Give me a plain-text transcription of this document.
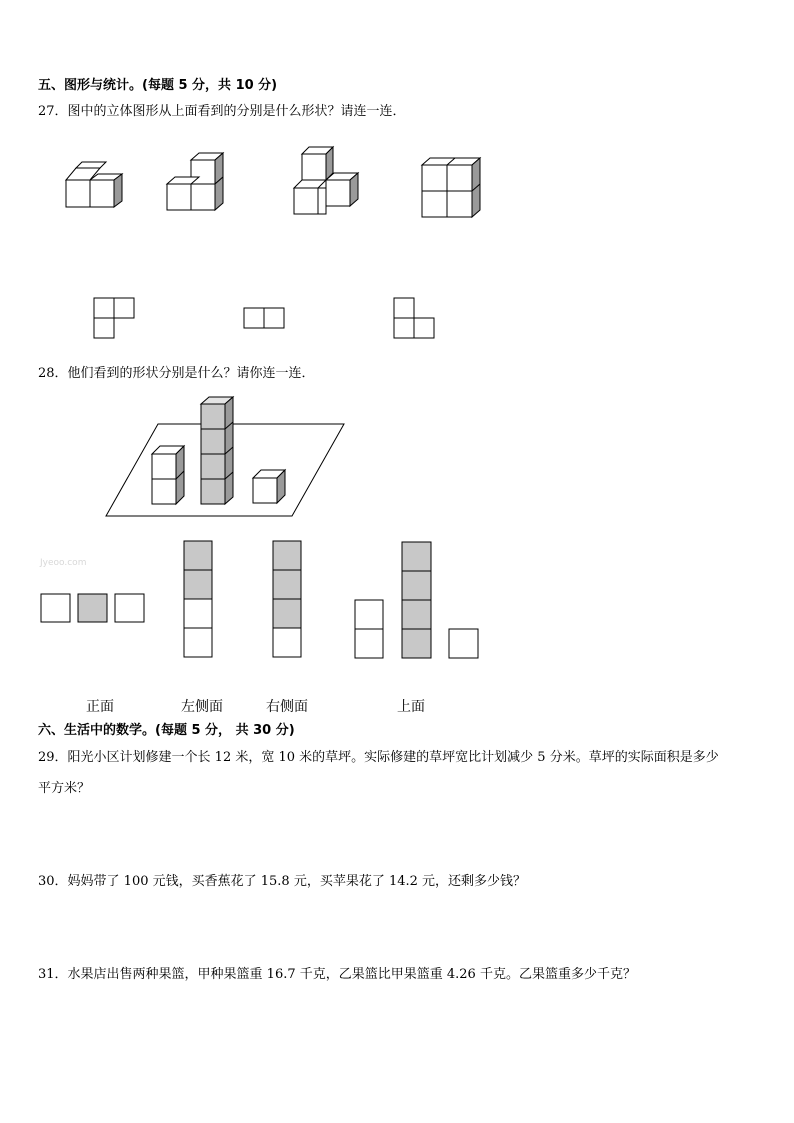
五、图形与统计。(每题 5 分，共 10 分)
27．图中的立体图形从上面看到的分别是什么形状？请连一连．
28．他们看到的形状分别是什么？请你连一连．
Jyeoo.com
正面	左侧面	右侧面	上面
六、生活中的数学。(每题 5 分， 共 30 分)
29．阳光小区计划修建一个长 12 米，宽 10 米的草坪。实际修建的草坪宽比计划减少 5 分米。草坪的实际面积是多少
平方米？
30．妈妈带了 100 元钱，买香蕉花了 15.8 元，买苹果花了 14.2 元，还剩多少钱？
31．水果店出售两种果篮，甲种果篮重 16.7 千克，乙果篮比甲果篮重 4.26 千克。乙果篮重多少千克？
